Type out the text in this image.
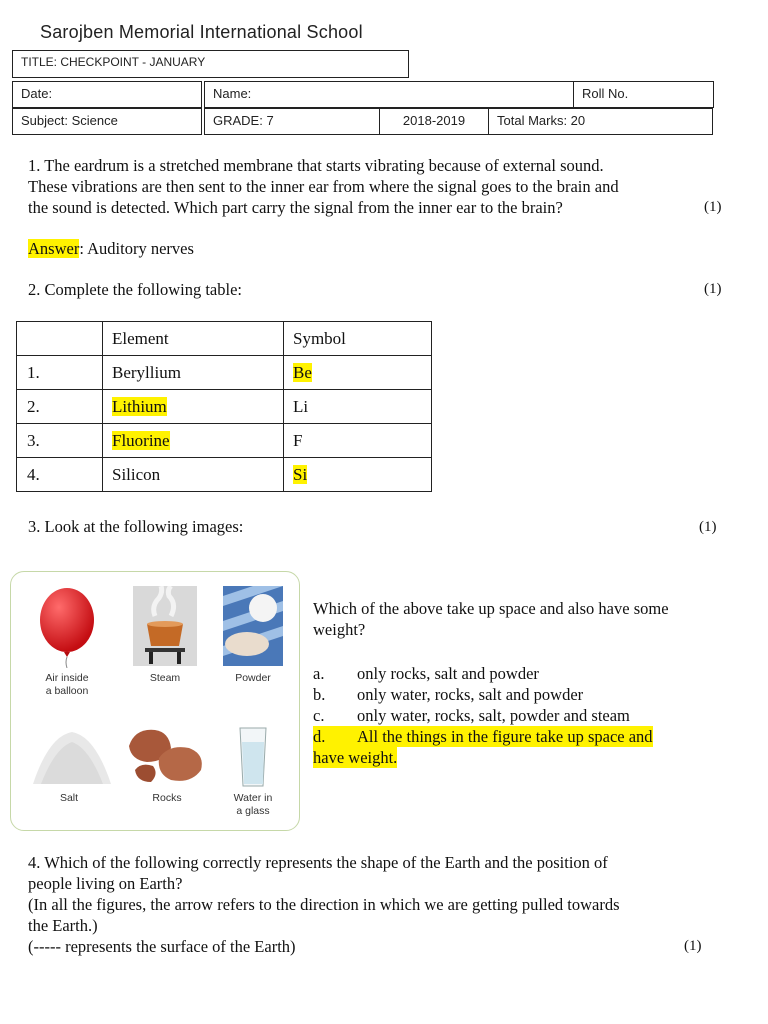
Sarojben Memorial International School
TITLE: CHECKPOINT - JANUARY
Date:	Name:	Roll No.
Subject: Science	GRADE: 7	2018-2019	Total Marks: 20
1. The eardrum is a stretched membrane that starts vibrating because of external sound.
These vibrations are then sent to the inner ear from where the signal goes to the brain and
the sound is detected. Which part carry the signal from the inner ear to the brain?	(1)
Answer: Auditory nerves
2. Complete the following table:	(1)
	Element	Symbol
1.	Beryllium	Be
2.	Lithium	Li
3.	Fluorine	F
4.	Silicon	Si
3. Look at the following images:	(1)
Air inside
a balloon
Steam	Powder
Salt	Rocks	Water in
a glass
Which of the above take up space and also have some
weight?
a. only rocks, salt and powder
b. only water, rocks, salt and powder
c. only water, rocks, salt, powder and steam
d. All the things in the figure take up space and
have weight.
4. Which of the following correctly represents the shape of the Earth and the position of
people living on Earth?
(In all the figures, the arrow refers to the direction in which we are getting pulled towards
the Earth.)
(----- represents the surface of the Earth)	(1)
